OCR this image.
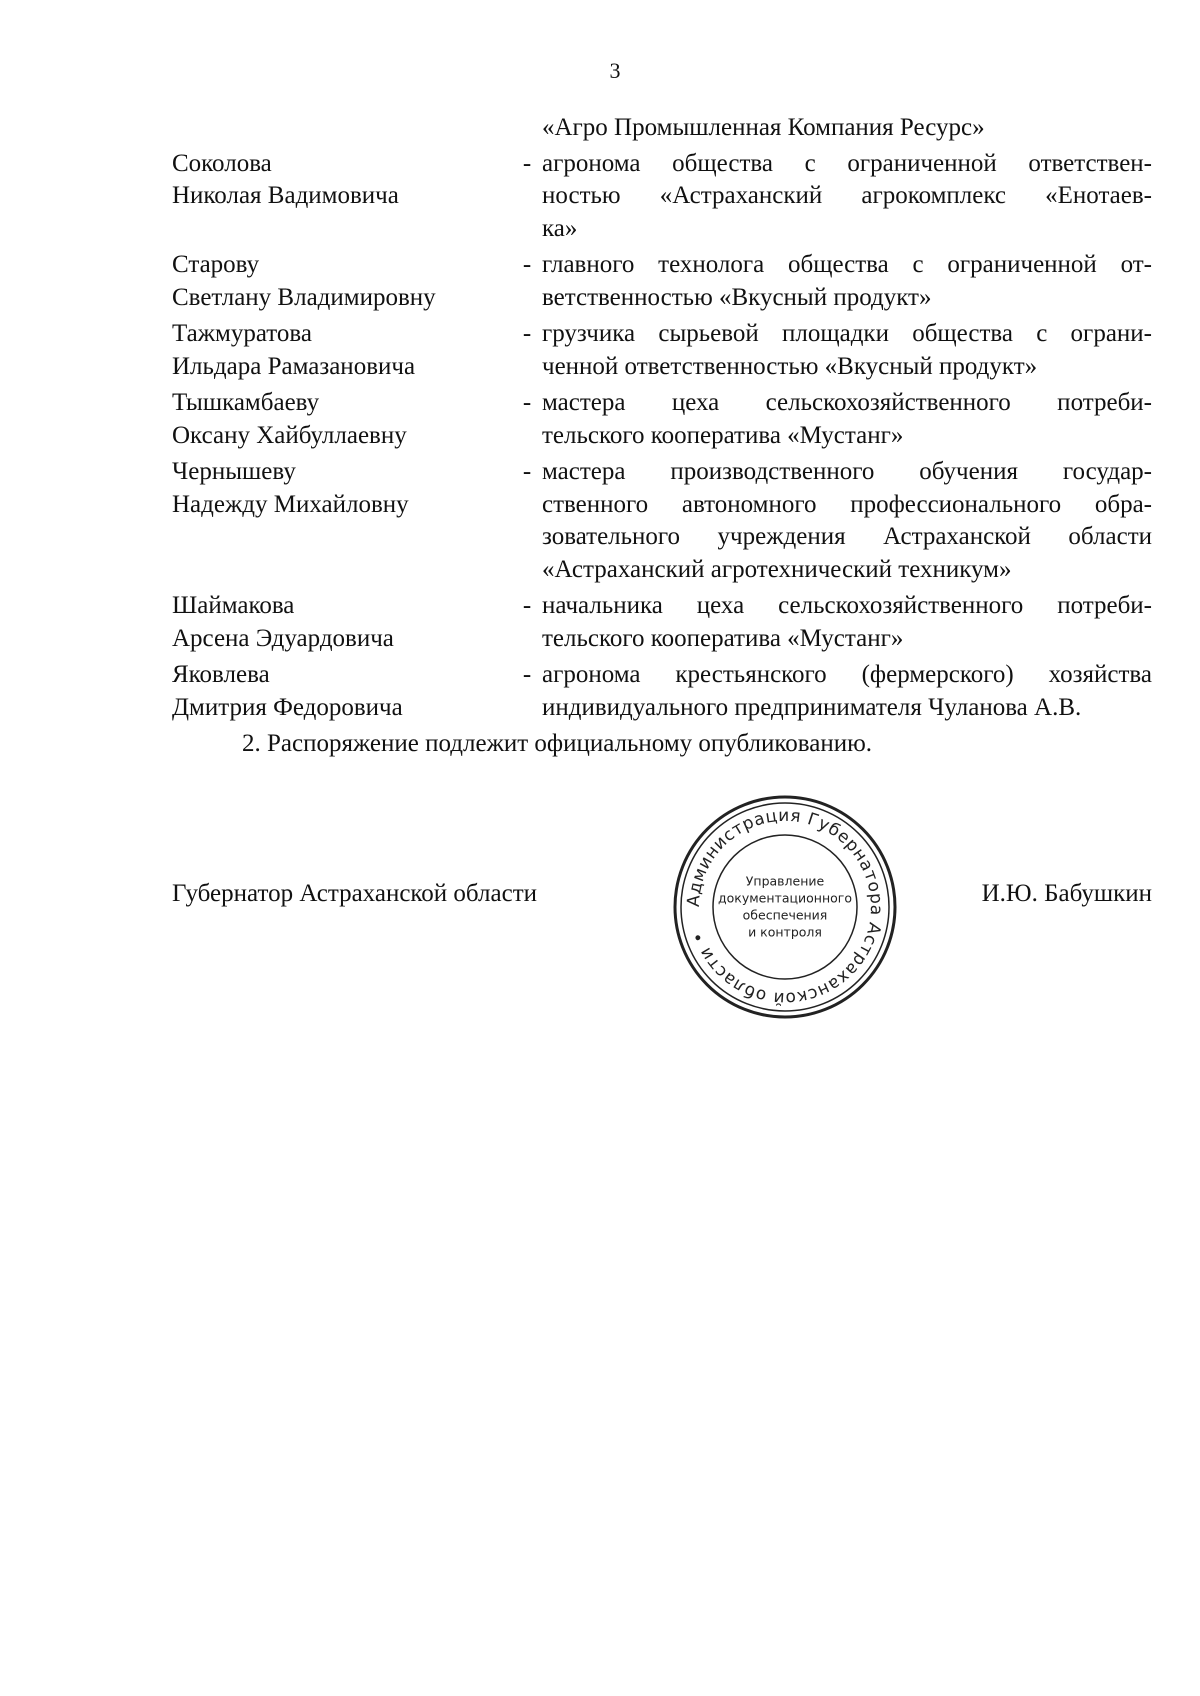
3
«Агро Промышленная Компания Ресурс»
Соколова
Николая Вадимовича
- агронома общества с ограниченной ответствен-
ностью «Астраханский агрокомплекс «Енотаев-
ка»
Старову
Светлану Владимировну
- главного технолога общества с ограниченной от-
ветственностью «Вкусный продукт»
Тажмуратова
Ильдара Рамазановича
- грузчика сырьевой площадки общества с ограни-
ченной ответственностью «Вкусный продукт»
Тышкамбаеву
Оксану Хайбуллаевну
- мастера цеха сельскохозяйственного потреби-
тельского кооператива «Мустанг»
Чернышеву
Надежду Михайловну
- мастера производственного обучения государ-
ственного автономного профессионального обра-
зовательного учреждения Астраханской области
«Астраханский агротехнический техникум»
Шаймакова
Арсена Эдуардовича
- начальника цеха сельскохозяйственного потреби-
тельского кооператива «Мустанг»
Яковлева
Дмитрия Федоровича
- агронома крестьянского (фермерского) хозяйства
индивидуального предпринимателя Чуланова А.В.
2. Распоряжение подлежит официальному опубликованию.
Администрация Губернатора Астраханской области •
Управление документационного обеспечения и контроля
Губернатор Астраханской области	И.Ю. Бабушкин
